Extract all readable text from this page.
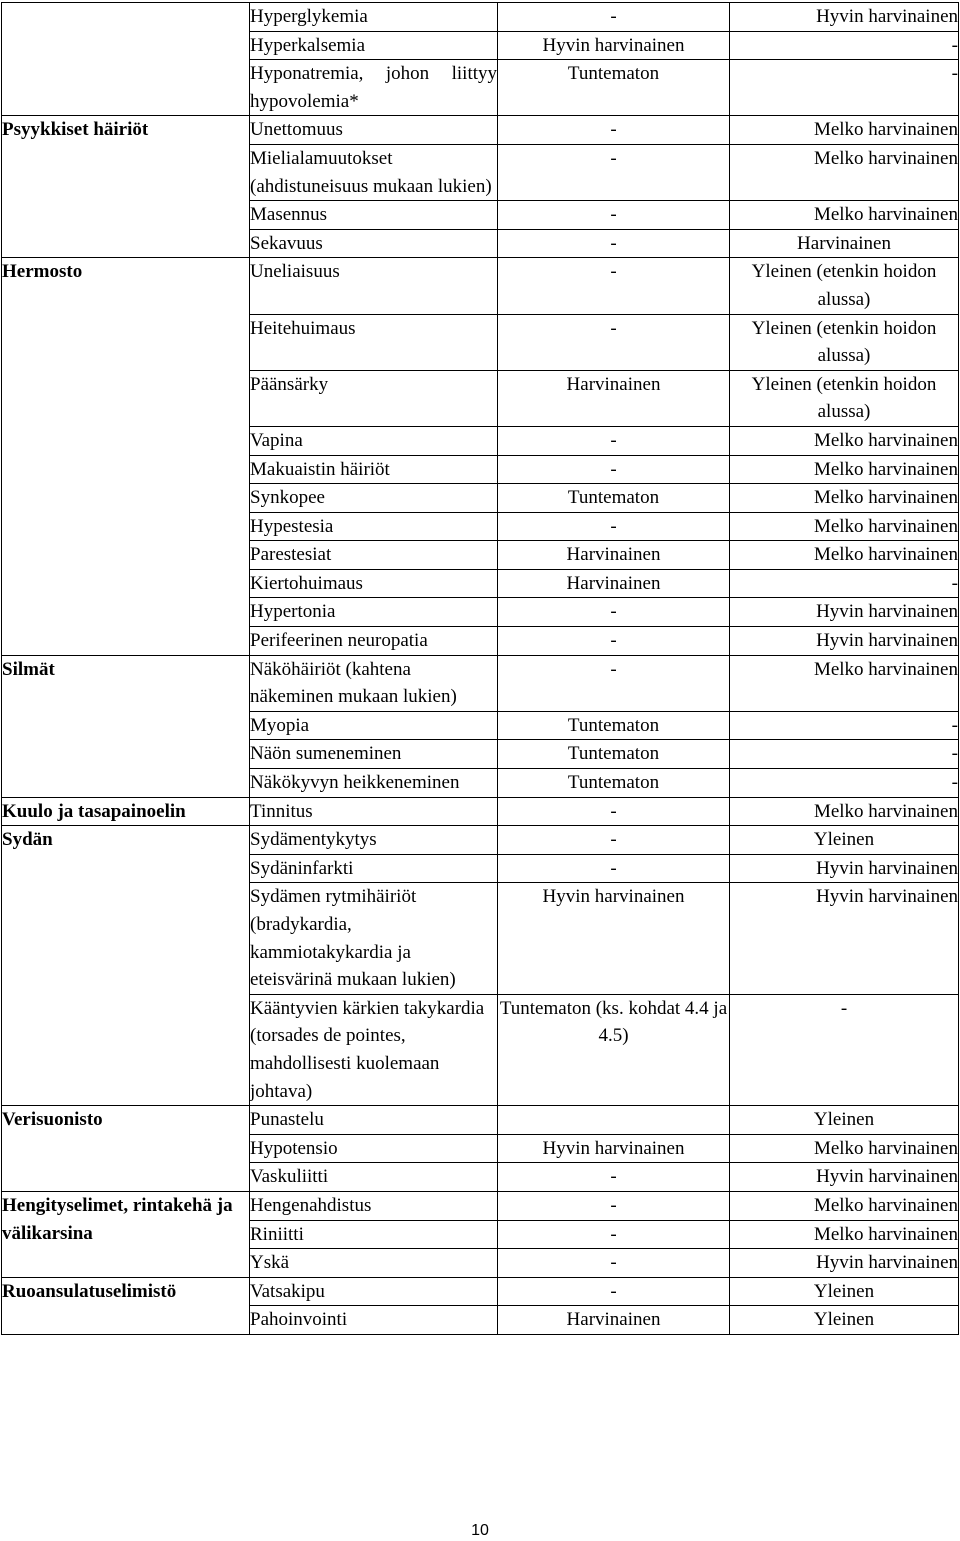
	Hyperglykemia	-	Hyvin harvinainen
	Hyperkalsemia	Hyvin harvinainen	-
	Hyponatremia, johon liittyy hypovolemia*	Tuntematon	-
Psyykkiset häiriöt	Unettomuus	-	Melko harvinainen
	Mielialamuutokset (ahdistuneisuus mukaan lukien)	-	Melko harvinainen
	Masennus	-	Melko harvinainen
	Sekavuus	-	Harvinainen
Hermosto	Uneliaisuus	-	Yleinen (etenkin hoidon alussa)
	Heitehuimaus	-	Yleinen (etenkin hoidon alussa)
	Päänsärky	Harvinainen	Yleinen (etenkin hoidon alussa)
	Vapina	-	Melko harvinainen
	Makuaistin häiriöt	-	Melko harvinainen
	Synkopee	Tuntematon	Melko harvinainen
	Hypestesia	-	Melko harvinainen
	Parestesiat	Harvinainen	Melko harvinainen
	Kiertohuimaus	Harvinainen	-
	Hypertonia	-	Hyvin harvinainen
	Perifeerinen neuropatia	-	Hyvin harvinainen
Silmät	Näköhäiriöt (kahtena näkeminen mukaan lukien)	-	Melko harvinainen
	Myopia	Tuntematon	-
	Näön sumeneminen	Tuntematon	-
	Näkökyvyn heikkeneminen	Tuntematon	-
Kuulo ja tasapainoelin	Tinnitus	-	Melko harvinainen
Sydän	Sydämentykytys	-	Yleinen
	Sydäninfarkti	-	Hyvin harvinainen
	Sydämen rytmihäiriöt (bradykardia, kammiotakykardia ja eteisvärinä mukaan lukien)	Hyvin harvinainen	Hyvin harvinainen
	Kääntyvien kärkien takykardia (torsades de pointes, mahdollisesti kuolemaan johtava)	Tuntematon (ks. kohdat 4.4 ja 4.5)	-
Verisuonisto	Punastelu		Yleinen
	Hypotensio	Hyvin harvinainen	Melko harvinainen
	Vaskuliitti	-	Hyvin harvinainen
Hengityselimet, rintakehä ja välikarsina	Hengenahdistus	-	Melko harvinainen
	Riniitti	-	Melko harvinainen
	Yskä	-	Hyvin harvinainen
Ruoansulatuselimistö	Vatsakipu	-	Yleinen
	Pahoinvointi	Harvinainen	Yleinen
10
